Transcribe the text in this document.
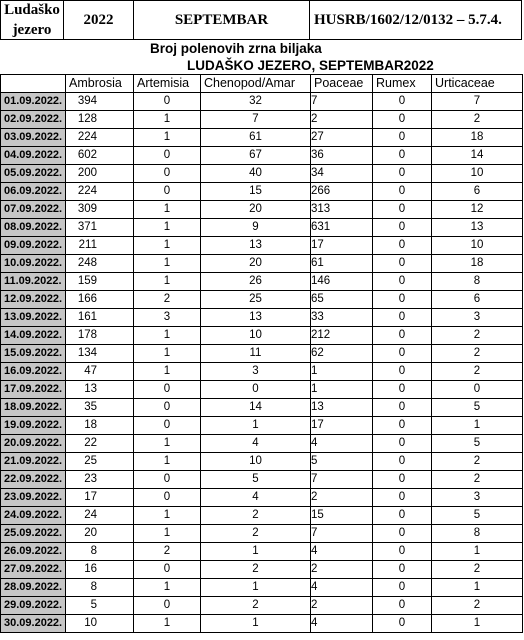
Ludaško
jezero
2022	SEPTEMBAR	HUSRB/1602/12/0132 – 5.7.4.
Broj polenovih zrna biljaka
LUDAŠKO JEZERO, SEPTEMBAR2022
	Ambrosia	Artemisia	Chenopod/Amar	Poaceae	Rumex	Urticaceae
01.09.2022.	394	0	32	7	0	7
02.09.2022.	128	1	7	2	0	2
03.09.2022.	224	1	61	27	0	18
04.09.2022.	602	0	67	36	0	14
05.09.2022.	200	0	40	34	0	10
06.09.2022.	224	0	15	266	0	6
07.09.2022.	309	1	20	313	0	12
08.09.2022.	371	1	9	631	0	13
09.09.2022.	211	1	13	17	0	10
10.09.2022.	248	1	20	61	0	18
11.09.2022.	159	1	26	146	0	8
12.09.2022.	166	2	25	65	0	6
13.09.2022.	161	3	13	33	0	3
14.09.2022.	178	1	10	212	0	2
15.09.2022.	134	1	11	62	0	2
16.09.2022.	47	1	3	1	0	2
17.09.2022.	13	0	0	1	0	0
18.09.2022.	35	0	14	13	0	5
19.09.2022.	18	0	1	17	0	1
20.09.2022.	22	1	4	4	0	5
21.09.2022.	25	1	10	5	0	2
22.09.2022.	23	0	5	7	0	2
23.09.2022.	17	0	4	2	0	3
24.09.2022.	24	1	2	15	0	5
25.09.2022.	20	1	2	7	0	8
26.09.2022.	8	2	1	4	0	1
27.09.2022.	16	0	2	2	0	2
28.09.2022.	8	1	1	4	0	1
29.09.2022.	5	0	2	2	0	2
30.09.2022.	10	1	1	4	0	1
